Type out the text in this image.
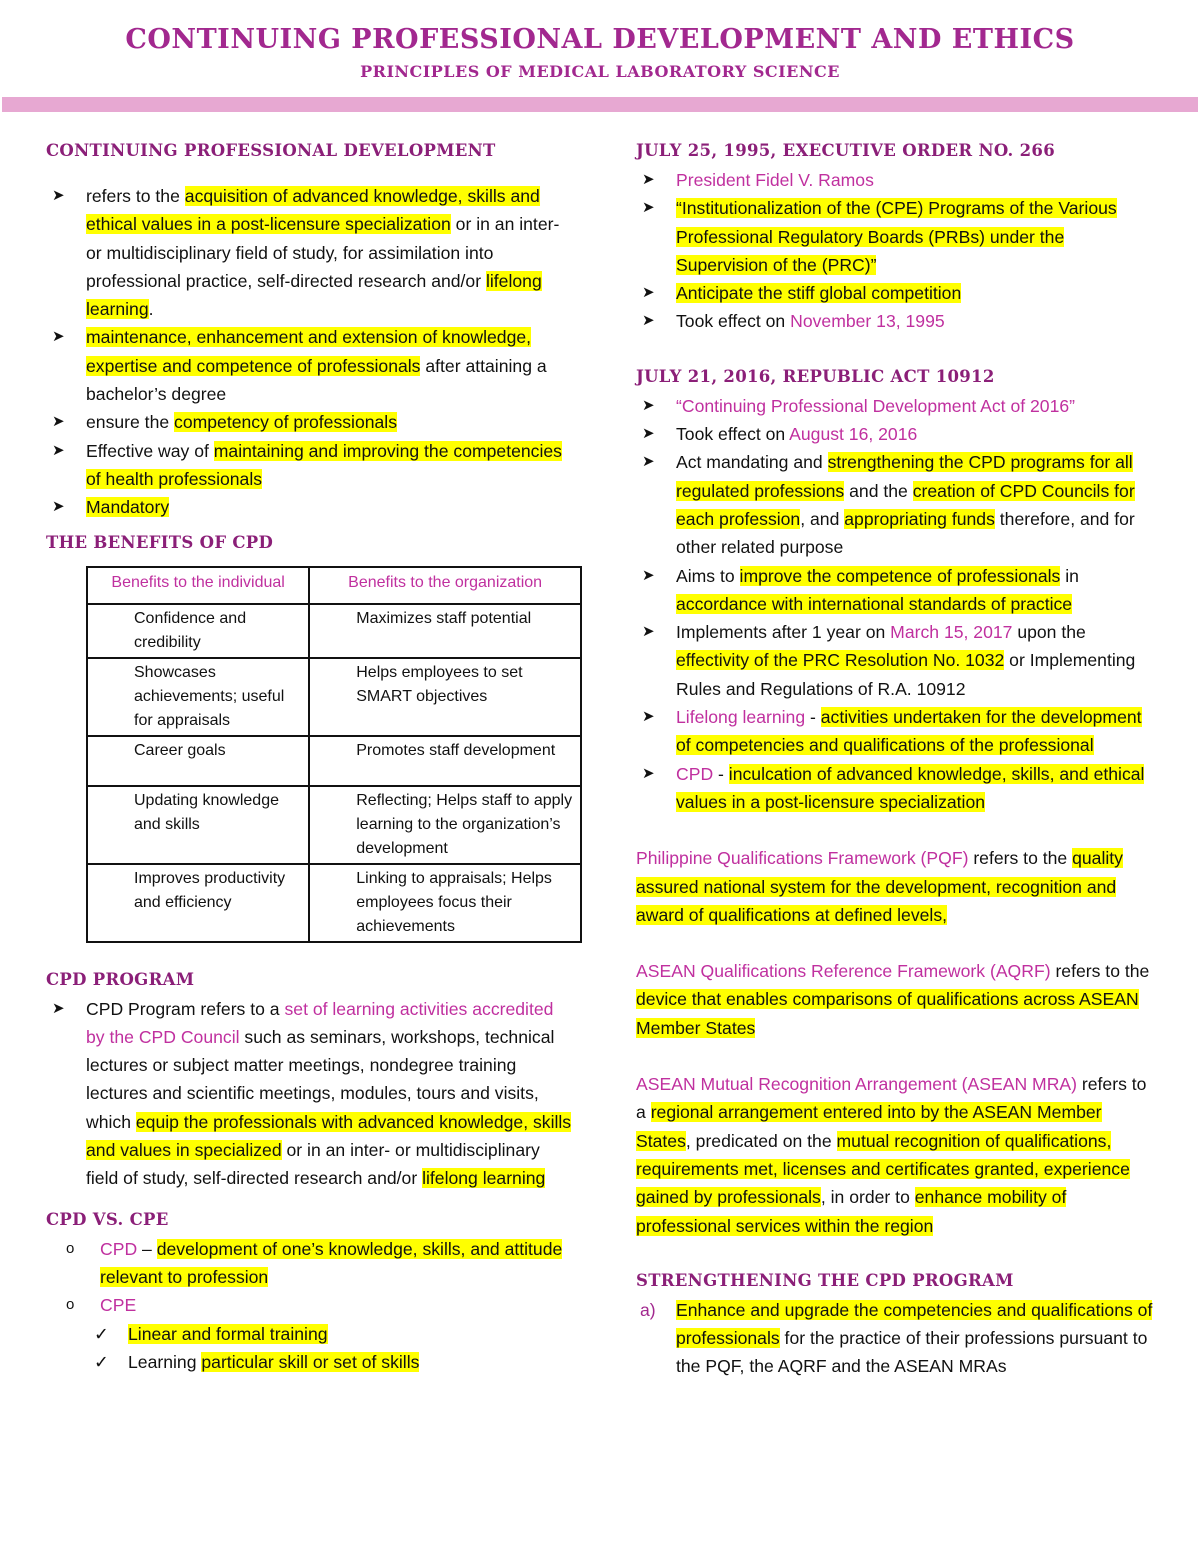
CONTINUING PROFESSIONAL DEVELOPMENT AND ETHICS
PRINCIPLES OF MEDICAL LABORATORY SCIENCE
CONTINUING PROFESSIONAL DEVELOPMENT
➤ refers to the acquisition of advanced knowledge, skills and ethical values in a post-licensure specialization or in an inter- or multidisciplinary field of study, for assimilation into professional practice, self-directed research and/or lifelong learning.
➤ maintenance, enhancement and extension of knowledge, expertise and competence of professionals after attaining a bachelor’s degree
➤ ensure the competency of professionals
➤ Effective way of maintaining and improving the competencies of health professionals
➤ Mandatory
THE BENEFITS OF CPD
Benefits to the individual	Benefits to the organization
Confidence and credibility	Maximizes staff potential
Showcases achievements; useful for appraisals	Helps employees to set SMART objectives
Career goals	Promotes staff development
Updating knowledge and skills	Reflecting; Helps staff to apply learning to the organization’s development
Improves productivity and efficiency	Linking to appraisals; Helps employees focus their achievements
CPD PROGRAM
➤ CPD Program refers to a set of learning activities accredited by the CPD Council such as seminars, workshops, technical lectures or subject matter meetings, nondegree training lectures and scientific meetings, modules, tours and visits, which equip the professionals with advanced knowledge, skills and values in specialized or in an inter- or multidisciplinary field of study, self-directed research and/or lifelong learning
CPD VS. CPE
o CPD – development of one’s knowledge, skills, and attitude relevant to profession
o CPE
✓ Linear and formal training
✓ Learning particular skill or set of skills
JULY 25, 1995, EXECUTIVE ORDER NO. 266
➤ President Fidel V. Ramos
➤ “Institutionalization of the (CPE) Programs of the Various Professional Regulatory Boards (PRBs) under the Supervision of the (PRC)”
➤ Anticipate the stiff global competition
➤ Took effect on November 13, 1995
JULY 21, 2016, REPUBLIC ACT 10912
➤ “Continuing Professional Development Act of 2016”
➤ Took effect on August 16, 2016
➤ Act mandating and strengthening the CPD programs for all regulated professions and the creation of CPD Councils for each profession, and appropriating funds therefore, and for other related purpose
➤ Aims to improve the competence of professionals in accordance with international standards of practice
➤ Implements after 1 year on March 15, 2017 upon the effectivity of the PRC Resolution No. 1032 or Implementing Rules and Regulations of R.A. 10912
➤ Lifelong learning - activities undertaken for the development of competencies and qualifications of the professional
➤ CPD - inculcation of advanced knowledge, skills, and ethical values in a post-licensure specialization

Philippine Qualifications Framework (PQF) refers to the quality assured national system for the development, recognition and award of qualifications at defined levels,

ASEAN Qualifications Reference Framework (AQRF) refers to the device that enables comparisons of qualifications across ASEAN Member States

ASEAN Mutual Recognition Arrangement (ASEAN MRA) refers to a regional arrangement entered into by the ASEAN Member States, predicated on the mutual recognition of qualifications, requirements met, licenses and certificates granted, experience gained by professionals, in order to enhance mobility of professional services within the region

STRENGTHENING THE CPD PROGRAM
a) Enhance and upgrade the competencies and qualifications of professionals for the practice of their professions pursuant to the PQF, the AQRF and the ASEAN MRAs
